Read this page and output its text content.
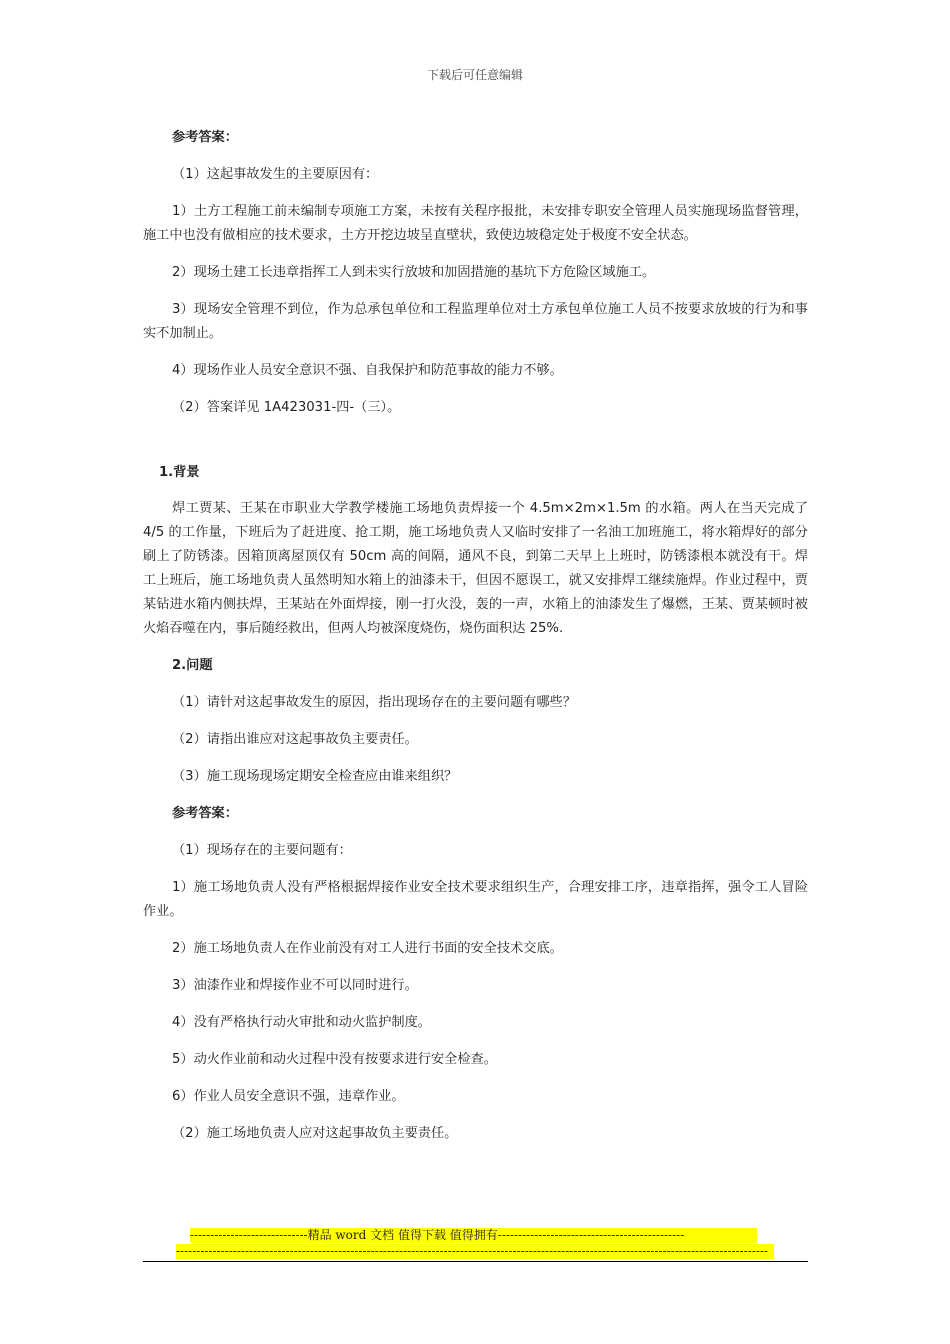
下载后可任意编辑

参考答案：

（1）这起事故发生的主要原因有：

1）土方工程施工前未编制专项施工方案，未按有关程序报批，未安排专职安全管理人员实施现场监督管理，施工中也没有做相应的技术要求，土方开挖边坡呈直壁状，致使边坡稳定处于极度不安全状态。

2）现场土建工长违章指挥工人到未实行放坡和加固措施的基坑下方危险区域施工。

3）现场安全管理不到位，作为总承包单位和工程监理单位对土方承包单位施工人员不按要求放坡的行为和事实不加制止。

4）现场作业人员安全意识不强、自我保护和防范事故的能力不够。

（2）答案详见 1A423031-四-（三）。

1.背景

焊工贾某、王某在市职业大学教学楼施工场地负责焊接一个 4.5m×2m×1.5m 的水箱。两人在当天完成了 4/5 的工作量，下班后为了赶进度、抢工期，施工场地负责人又临时安排了一名油工加班施工，将水箱焊好的部分刷上了防锈漆。因箱顶离屋顶仅有 50cm 高的间隔，通风不良，到第二天早上上班时，防锈漆根本就没有干。焊工上班后，施工场地负责人虽然明知水箱上的油漆未干，但因不愿误工，就又安排焊工继续施焊。作业过程中，贾某钻进水箱内侧扶焊，王某站在外面焊接，刚一打火没，轰的一声，水箱上的油漆发生了爆燃，王某、贾某顿时被火焰吞噬在内，事后随经救出，但两人均被深度烧伤，烧伤面积达 25%.

2.问题

（1）请针对这起事故发生的原因，指出现场存在的主要问题有哪些？

（2）请指出谁应对这起事故负主要责任。

（3）施工现场现场定期安全检查应由谁来组织？

参考答案：

（1）现场存在的主要问题有：

1）施工场地负责人没有严格根据焊接作业安全技术要求组织生产，合理安排工序，违章指挥，强令工人冒险作业。

2）施工场地负责人在作业前没有对工人进行书面的安全技术交底。

3）油漆作业和焊接作业不可以同时进行。

4）没有严格执行动火审批和动火监护制度。

5）动火作业前和动火过程中没有按要求进行安全检查。

6）作业人员安全意识不强，违章作业。

（2）施工场地负责人应对这起事故负主要责任。

-----------------------------精品 word 文档 值得下载 值得拥有----------------------------------------------
--------------------------------------------------------------------------------------------------------------------------------------------------
